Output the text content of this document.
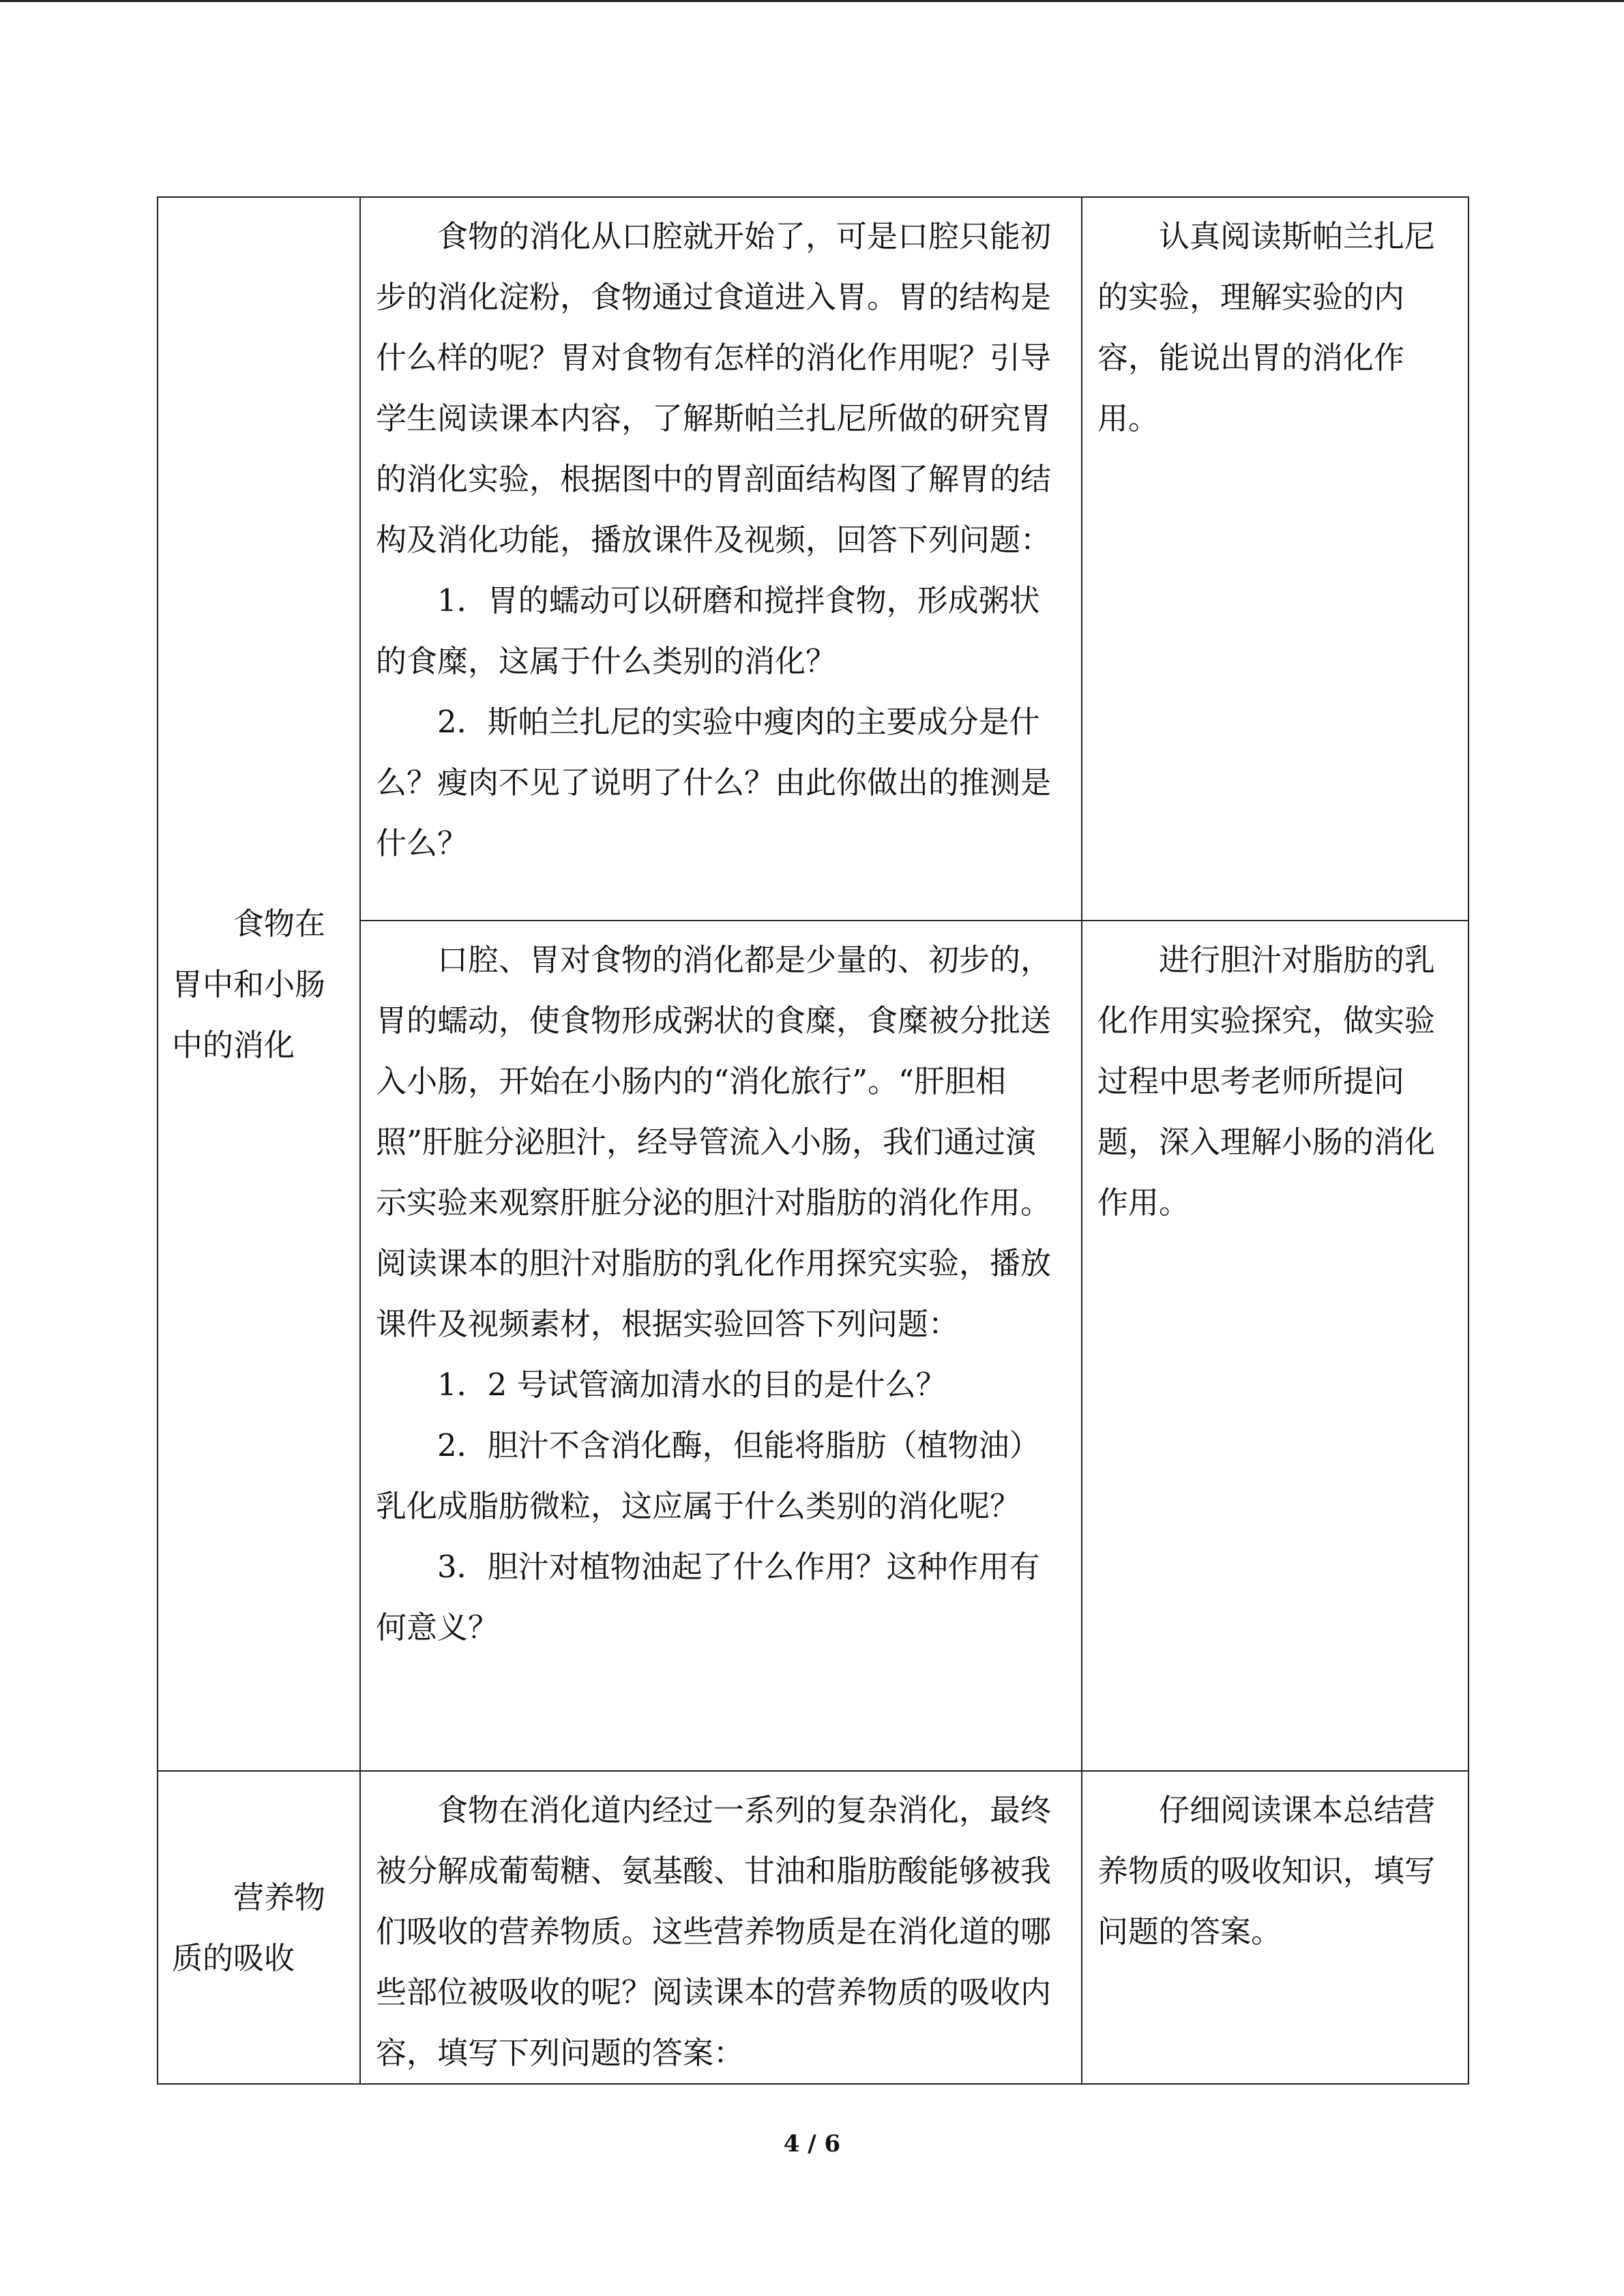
食物在胃中和小肠中的消化	食物的消化从口腔就开始了，可是口腔只能初步的消化淀粉，食物通过食道进入胃。胃的结构是什么样的呢？胃对食物有怎样的消化作用呢？引导学生阅读课本内容，了解斯帕兰扎尼所做的研究胃的消化实验，根据图中的胃剖面结构图了解胃的结构及消化功能，播放课件及视频，回答下列问题：

1．胃的蠕动可以研磨和搅拌食物，形成粥状的食糜，这属于什么类别的消化？

2．斯帕兰扎尼的实验中瘦肉的主要成分是什么？瘦肉不见了说明了什么？由此你做出的推测是什么？	认真阅读斯帕兰扎尼的实验，理解实验的内容，能说出胃的消化作用。

	口腔、胃对食物的消化都是少量的、初步的，胃的蠕动，使食物形成粥状的食糜，食糜被分批送入小肠，开始在小肠内的“消化旅行”。“肝胆相照”肝脏分泌胆汁，经导管流入小肠，我们通过演示实验来观察肝脏分泌的胆汁对脂肪的消化作用。阅读课本的胆汁对脂肪的乳化作用探究实验，播放课件及视频素材，根据实验回答下列问题：

1．2 号试管滴加清水的目的是什么？

2．胆汁不含消化酶，但能将脂肪（植物油）乳化成脂肪微粒，这应属于什么类别的消化呢？

3．胆汁对植物油起了什么作用？这种作用有何意义？	进行胆汁对脂肪的乳化作用实验探究，做实验过程中思考老师所提问题，深入理解小肠的消化作用。

营养物质的吸收	食物在消化道内经过一系列的复杂消化，最终被分解成葡萄糖、氨基酸、甘油和脂肪酸能够被我们吸收的营养物质。这些营养物质是在消化道的哪些部位被吸收的呢？阅读课本的营养物质的吸收内容，填写下列问题的答案：	仔细阅读课本总结营养物质的吸收知识，填写问题的答案。

4 / 6
